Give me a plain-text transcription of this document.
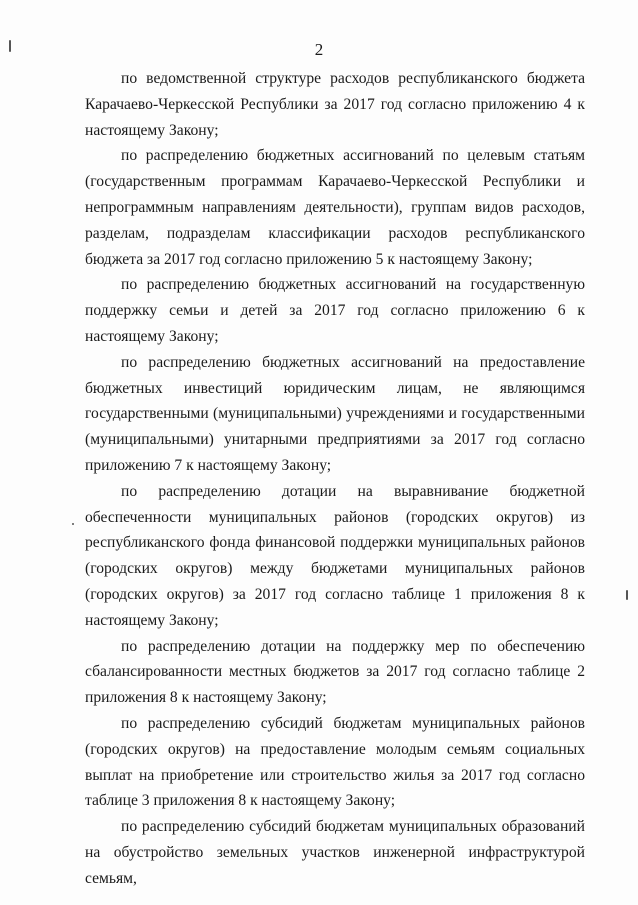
2

по ведомственной структуре расходов республиканского бюджета Карачаево-Черкесской Республики за 2017 год согласно приложению 4 к настоящему Закону;

по распределению бюджетных ассигнований по целевым статьям (государственным программам Карачаево-Черкесской Республики и непрограммным направлениям деятельности), группам видов расходов, разделам, подразделам классификации расходов республиканского бюджета за 2017 год согласно приложению 5 к настоящему Закону;

по распределению бюджетных ассигнований на государственную поддержку семьи и детей за 2017 год согласно приложению 6 к настоящему Закону;

по распределению бюджетных ассигнований на предоставление бюджетных инвестиций юридическим лицам, не являющимся государственными (муниципальными) учреждениями и государственными (муниципальными) унитарными предприятиями за 2017 год согласно приложению 7 к настоящему Закону;

по распределению дотации на выравнивание бюджетной обеспеченности муниципальных районов (городских округов) из республиканского фонда финансовой поддержки муниципальных районов (городских округов) между бюджетами муниципальных районов (городских округов) за 2017 год согласно таблице 1 приложения 8 к настоящему Закону;

по распределению дотации на поддержку мер по обеспечению сбалансированности местных бюджетов за 2017 год согласно таблице 2 приложения 8 к настоящему Закону;

по распределению субсидий бюджетам муниципальных районов (городских округов) на предоставление молодым семьям социальных выплат на приобретение или строительство жилья за 2017 год согласно таблице 3 приложения 8 к настоящему Закону;

по распределению субсидий бюджетам муниципальных образований на обустройство земельных участков инженерной инфраструктурой семьям,
